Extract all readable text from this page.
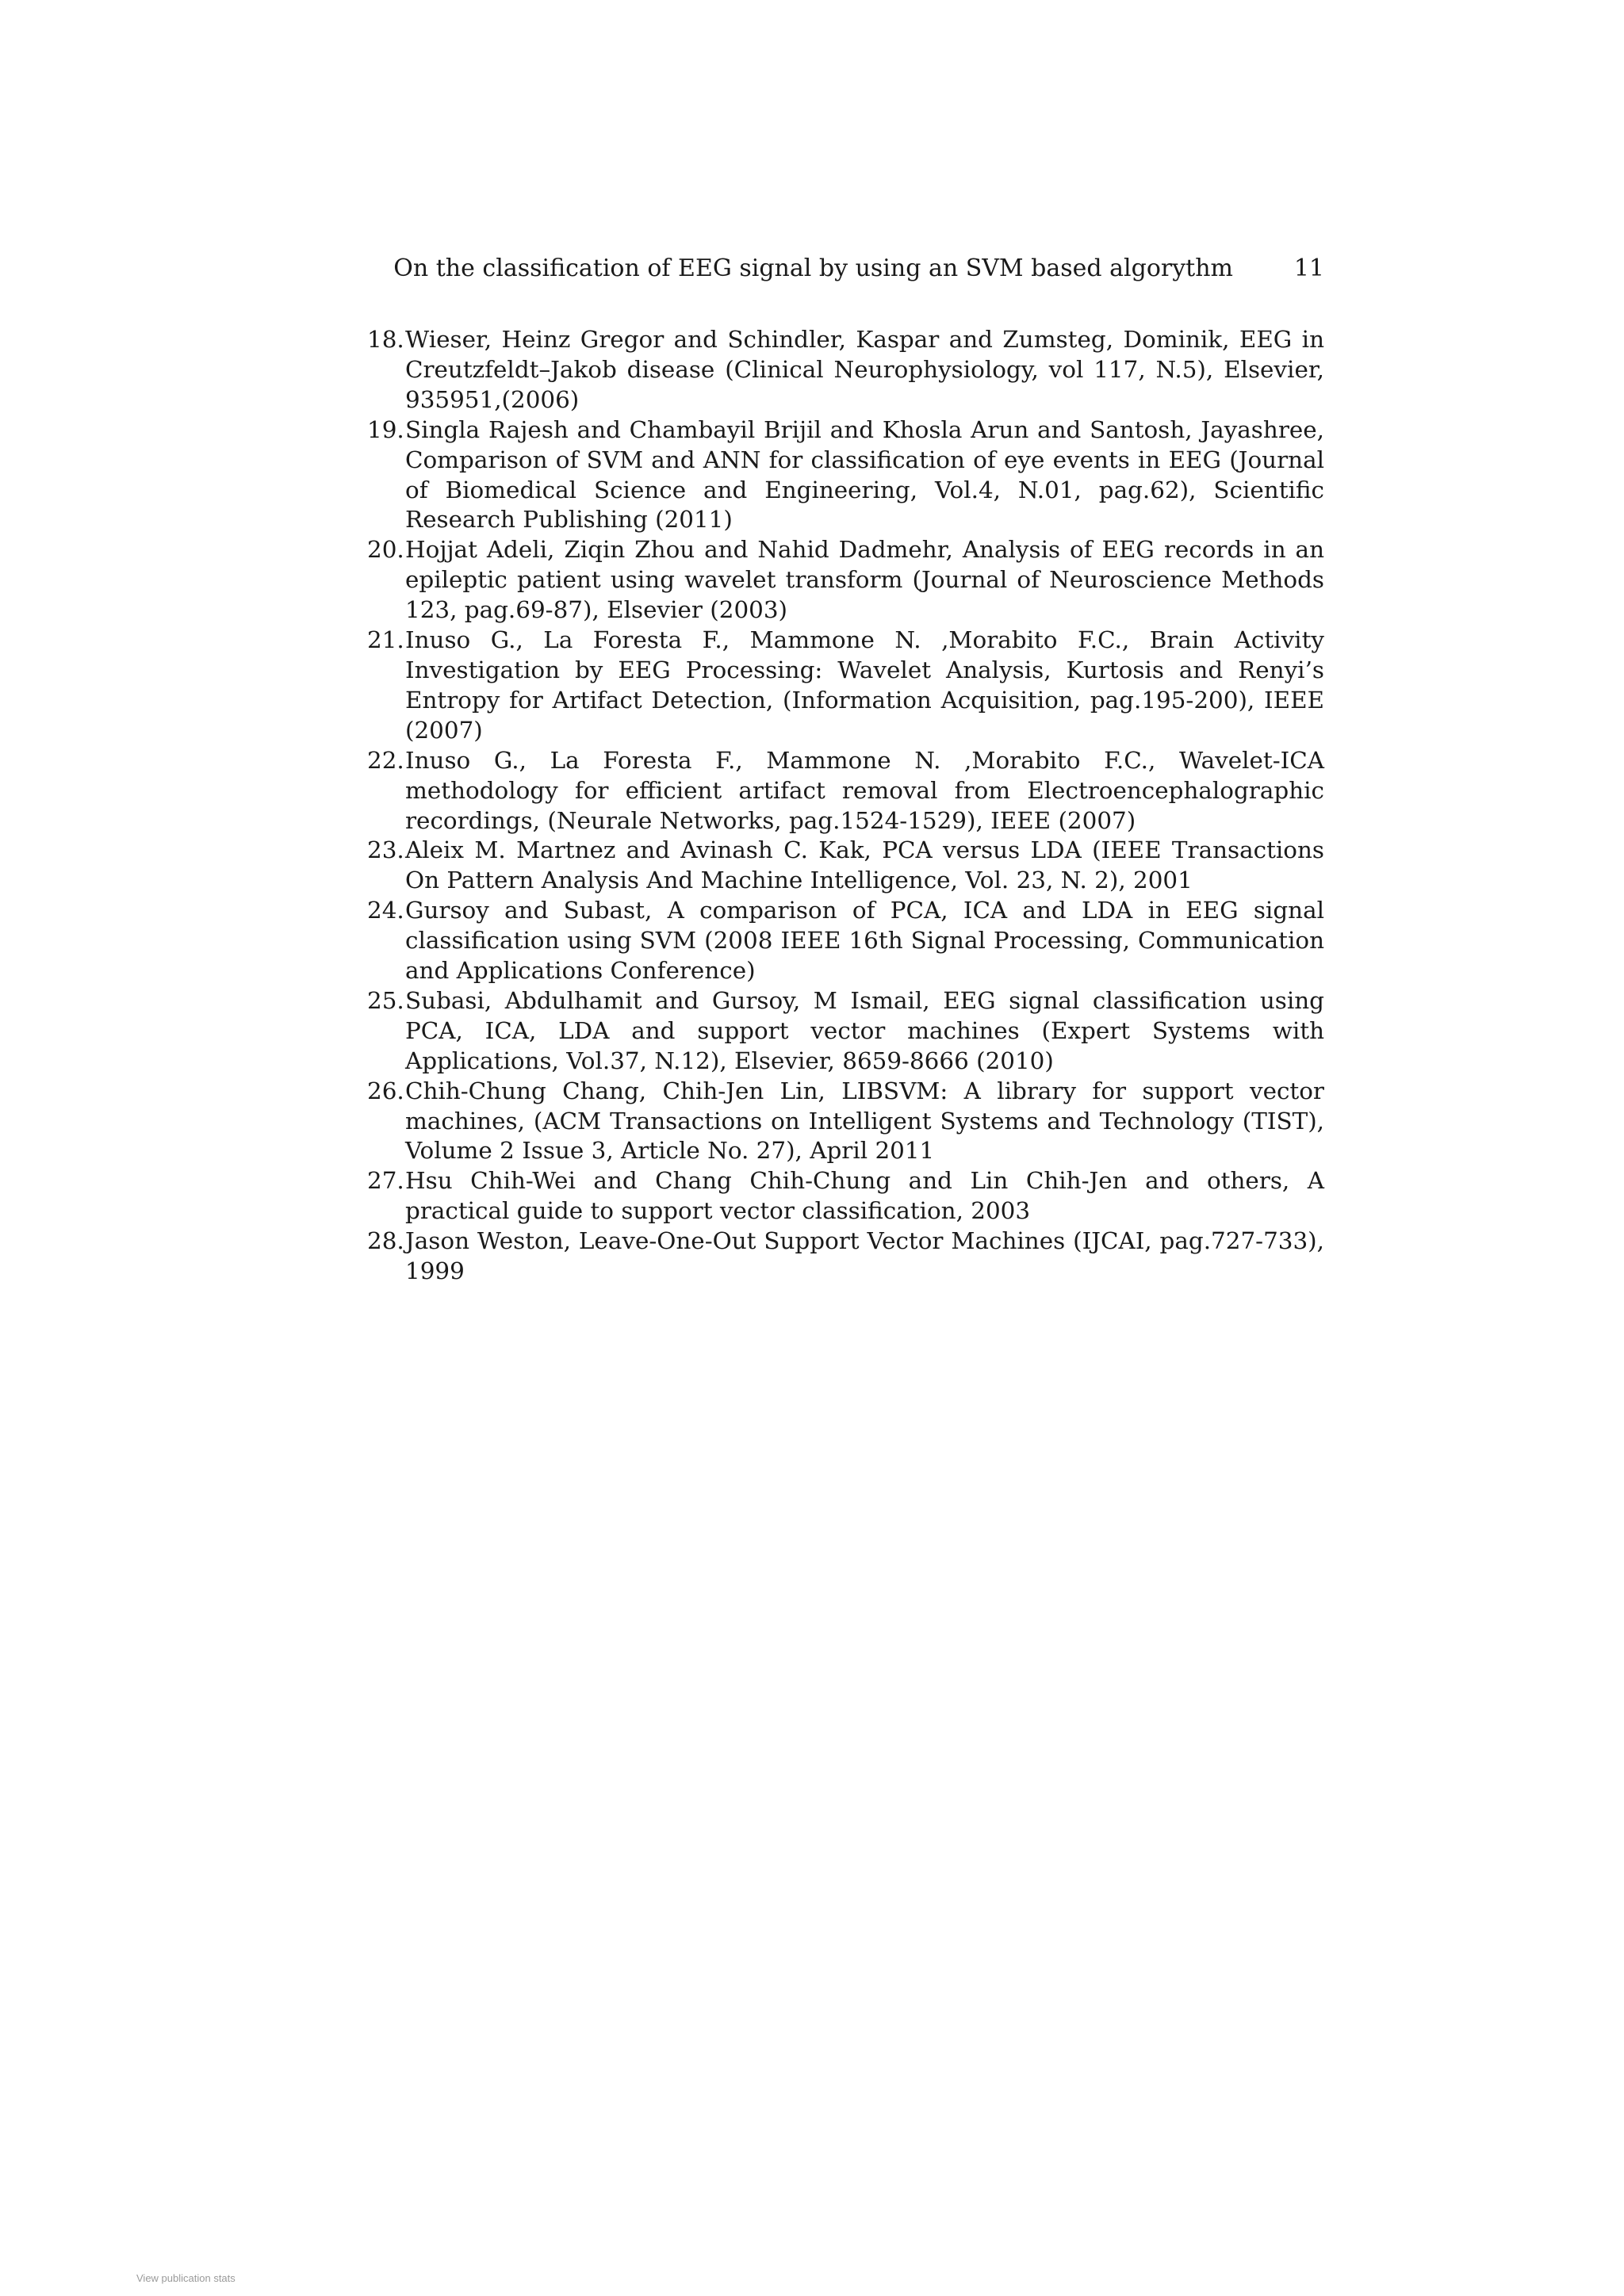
On the classification of EEG signal by using an SVM based algorythm	11
18. Wieser, Heinz Gregor and Schindler, Kaspar and Zumsteg, Dominik, EEG in Creutzfeldt–Jakob disease (Clinical Neurophysiology, vol 117, N.5), Elsevier, 935951,(2006)
19. Singla Rajesh and Chambayil Brijil and Khosla Arun and Santosh, Jayashree, Comparison of SVM and ANN for classification of eye events in EEG (Journal of Biomedical Science and Engineering, Vol.4, N.01, pag.62), Scientific Research Publishing (2011)
20. Hojjat Adeli, Ziqin Zhou and Nahid Dadmehr, Analysis of EEG records in an epileptic patient using wavelet transform (Journal of Neuroscience Methods 123, pag.69-87), Elsevier (2003)
21. Inuso G., La Foresta F., Mammone N. ,Morabito F.C., Brain Activity Investigation by EEG Processing: Wavelet Analysis, Kurtosis and Renyi’s Entropy for Artifact Detection, (Information Acquisition, pag.195-200), IEEE (2007)
22. Inuso G., La Foresta F., Mammone N. ,Morabito F.C., Wavelet-ICA methodology for efficient artifact removal from Electroencephalographic recordings, (Neurale Networks, pag.1524-1529), IEEE (2007)
23. Aleix M. Martnez and Avinash C. Kak, PCA versus LDA (IEEE Transactions On Pattern Analysis And Machine Intelligence, Vol. 23, N. 2), 2001
24. Gursoy and Subast, A comparison of PCA, ICA and LDA in EEG signal classification using SVM (2008 IEEE 16th Signal Processing, Communication and Applications Conference)
25. Subasi, Abdulhamit and Gursoy, M Ismail, EEG signal classification using PCA, ICA, LDA and support vector machines (Expert Systems with Applications, Vol.37, N.12), Elsevier, 8659-8666 (2010)
26. Chih-Chung Chang, Chih-Jen Lin, LIBSVM: A library for support vector machines, (ACM Transactions on Intelligent Systems and Technology (TIST), Volume 2 Issue 3, Article No. 27), April 2011
27. Hsu Chih-Wei and Chang Chih-Chung and Lin Chih-Jen and others, A practical guide to support vector classification, 2003
28. Jason Weston, Leave-One-Out Support Vector Machines (IJCAI, pag.727-733), 1999
View publication stats
